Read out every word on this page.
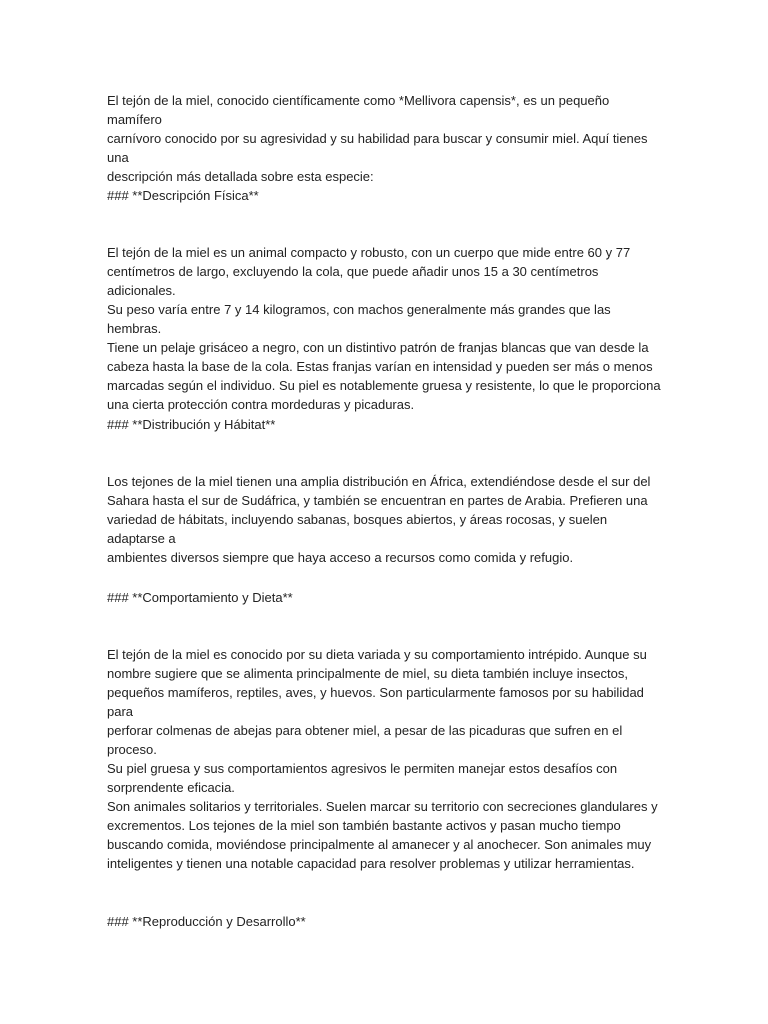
El tejón de la miel, conocido científicamente como *Mellivora capensis*, es un pequeño mamífero
carnívoro conocido por su agresividad y su habilidad para buscar y consumir miel. Aquí tienes una
descripción más detallada sobre esta especie:

### **Descripción Física**

El tejón de la miel es un animal compacto y robusto, con un cuerpo que mide entre 60 y 77
centímetros de largo, excluyendo la cola, que puede añadir unos 15 a 30 centímetros adicionales.
Su peso varía entre 7 y 14 kilogramos, con machos generalmente más grandes que las hembras.
Tiene un pelaje grisáceo a negro, con un distintivo patrón de franjas blancas que van desde la
cabeza hasta la base de la cola. Estas franjas varían en intensidad y pueden ser más o menos
marcadas según el individuo. Su piel es notablemente gruesa y resistente, lo que le proporciona
una cierta protección contra mordeduras y picaduras.

### **Distribución y Hábitat**

Los tejones de la miel tienen una amplia distribución en África, extendiéndose desde el sur del
Sahara hasta el sur de Sudáfrica, y también se encuentran en partes de Arabia. Prefieren una
variedad de hábitats, incluyendo sabanas, bosques abiertos, y áreas rocosas, y suelen adaptarse a
ambientes diversos siempre que haya acceso a recursos como comida y refugio.

### **Comportamiento y Dieta**

El tejón de la miel es conocido por su dieta variada y su comportamiento intrépido. Aunque su
nombre sugiere que se alimenta principalmente de miel, su dieta también incluye insectos,
pequeños mamíferos, reptiles, aves, y huevos. Son particularmente famosos por su habilidad para
perforar colmenas de abejas para obtener miel, a pesar de las picaduras que sufren en el proceso.
Su piel gruesa y sus comportamientos agresivos le permiten manejar estos desafíos con
sorprendente eficacia.

Son animales solitarios y territoriales. Suelen marcar su territorio con secreciones glandulares y
excrementos. Los tejones de la miel son también bastante activos y pasan mucho tiempo
buscando comida, moviéndose principalmente al amanecer y al anochecer. Son animales muy
inteligentes y tienen una notable capacidad para resolver problemas y utilizar herramientas.

### **Reproducción y Desarrollo**
